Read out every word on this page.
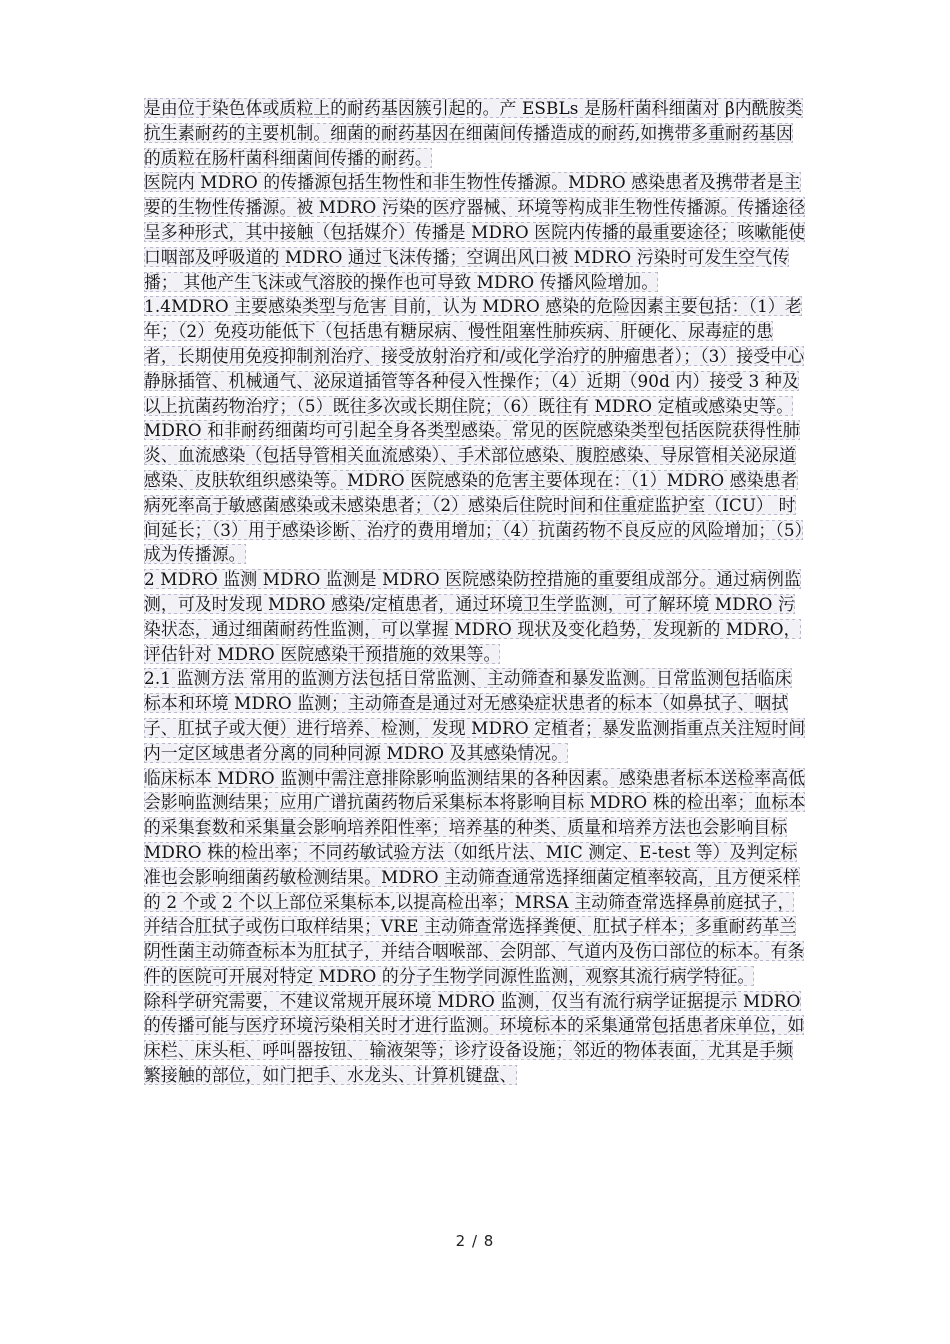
是由位于染色体或质粒上的耐药基因簇引起的。产 ESBLs 是肠杆菌科细菌对 β内酰胺类抗生素耐药的主要机制。细菌的耐药基因在细菌间传播造成的耐药,如携带多重耐药基因的质粒在肠杆菌科细菌间传播的耐药。
医院内 MDRO 的传播源包括生物性和非生物性传播源。MDRO 感染患者及携带者是主要的生物性传播源。被 MDRO 污染的医疗器械、环境等构成非生物性传播源。传播途径呈多种形式，其中接触（包括媒介）传播是 MDRO 医院内传播的最重要途径；咳嗽能使口咽部及呼吸道的 MDRO 通过飞沫传播；空调出风口被 MDRO 污染时可发生空气传播； 其他产生飞沫或气溶胶的操作也可导致 MDRO 传播风险增加。
1.4MDRO 主要感染类型与危害 目前，认为 MDRO 感染的危险因素主要包括：（1）老年；（2）免疫功能低下（包括患有糖尿病、慢性阻塞性肺疾病、肝硬化、尿毒症的患者，长期使用免疫抑制剂治疗、接受放射治疗和/或化学治疗的肿瘤患者）；（3）接受中心静脉插管、机械通气、泌尿道插管等各种侵入性操作；（4）近期（90d 内）接受 3 种及以上抗菌药物治疗；（5）既往多次或长期住院；（6）既往有 MDRO 定植或感染史等。
MDRO 和非耐药细菌均可引起全身各类型感染。常见的医院感染类型包括医院获得性肺炎、血流感染（包括导管相关血流感染）、手术部位感染、腹腔感染、导尿管相关泌尿道感染、皮肤软组织感染等。MDRO 医院感染的危害主要体现在：（1）MDRO 感染患者病死率高于敏感菌感染或未感染患者；（2）感染后住院时间和住重症监护室（ICU） 时间延长；（3）用于感染诊断、治疗的费用增加；（4）抗菌药物不良反应的风险增加；（5）成为传播源。
2 MDRO 监测 MDRO 监测是 MDRO 医院感染防控措施的重要组成部分。通过病例监测，可及时发现 MDRO 感染/定植患者，通过环境卫生学监测，可了解环境 MDRO 污染状态，通过细菌耐药性监测，可以掌握 MDRO 现状及变化趋势，发现新的 MDRO，评估针对 MDRO 医院感染干预措施的效果等。
2.1 监测方法 常用的监测方法包括日常监测、主动筛查和暴发监测。日常监测包括临床标本和环境 MDRO 监测；主动筛查是通过对无感染症状患者的标本（如鼻拭子、咽拭子、肛拭子或大便）进行培养、检测，发现 MDRO 定植者；暴发监测指重点关注短时间内一定区域患者分离的同种同源 MDRO 及其感染情况。
临床标本 MDRO 监测中需注意排除影响监测结果的各种因素。感染患者标本送检率高低会影响监测结果；应用广谱抗菌药物后采集标本将影响目标 MDRO 株的检出率；血标本的采集套数和采集量会影响培养阳性率；培养基的种类、质量和培养方法也会影响目标 MDRO 株的检出率；不同药敏试验方法（如纸片法、MIC 测定、E-test 等）及判定标准也会影响细菌药敏检测结果。MDRO 主动筛查通常选择细菌定植率较高，且方便采样的 2 个或 2 个以上部位采集标本,以提高检出率；MRSA 主动筛查常选择鼻前庭拭子，并结合肛拭子或伤口取样结果；VRE 主动筛查常选择粪便、肛拭子样本；多重耐药革兰阴性菌主动筛查标本为肛拭子，并结合咽喉部、会阴部、气道内及伤口部位的标本。有条件的医院可开展对特定 MDRO 的分子生物学同源性监测，观察其流行病学特征。
除科学研究需要，不建议常规开展环境 MDRO 监测，仅当有流行病学证据提示 MDRO 的传播可能与医疗环境污染相关时才进行监测。环境标本的采集通常包括患者床单位，如床栏、床头柜、呼叫器按钮、 输液架等；诊疗设备设施；邻近的物体表面，尤其是手频繁接触的部位，如门把手、水龙头、计算机键盘、
2 / 8
